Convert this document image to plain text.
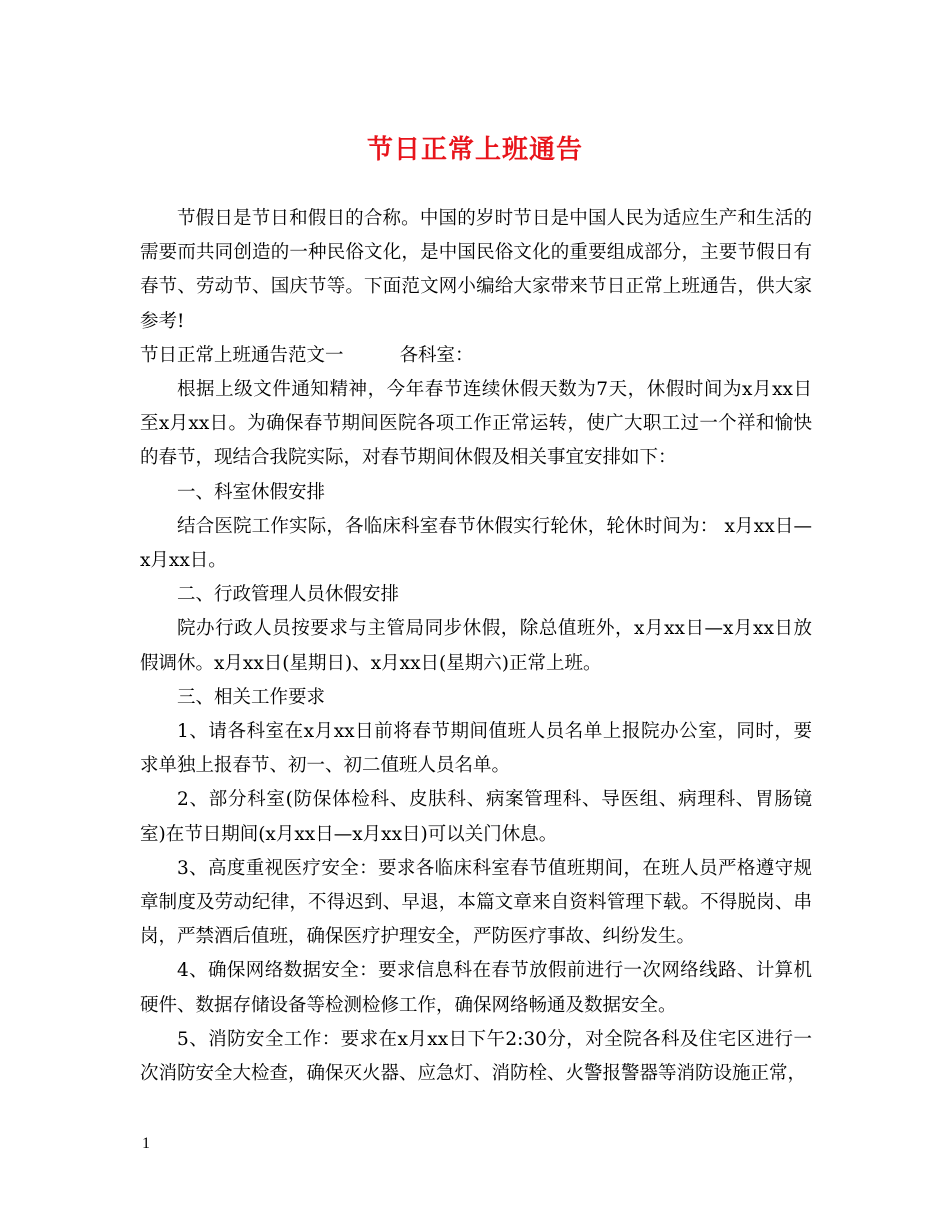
节日正常上班通告

节假日是节日和假日的合称。中国的岁时节日是中国人民为适应生产和生活的需要而共同创造的一种民俗文化，是中国民俗文化的重要组成部分，主要节假日有春节、劳动节、国庆节等。下面范文网小编给大家带来节日正常上班通告，供大家参考!

节日正常上班通告范文一	各科室：

根据上级文件通知精神，今年春节连续休假天数为7天，休假时间为x月xx日至x月xx日。为确保春节期间医院各项工作正常运转，使广大职工过一个祥和愉快的春节，现结合我院实际，对春节期间休假及相关事宜安排如下：

一、科室休假安排

结合医院工作实际，各临床科室春节休假实行轮休，轮休时间为： x月xx日—x月xx日。

二、行政管理人员休假安排

院办行政人员按要求与主管局同步休假，除总值班外，x月xx日—x月xx日放假调休。x月xx日(星期日)、x月xx日(星期六)正常上班。

三、相关工作要求

1、请各科室在x月xx日前将春节期间值班人员名单上报院办公室，同时，要求单独上报春节、初一、初二值班人员名单。

2、部分科室(防保体检科、皮肤科、病案管理科、导医组、病理科、胃肠镜室)在节日期间(x月xx日—x月xx日)可以关门休息。

3、高度重视医疗安全：要求各临床科室春节值班期间，在班人员严格遵守规章制度及劳动纪律，不得迟到、早退，本篇文章来自资料管理下载。不得脱岗、串岗，严禁酒后值班，确保医疗护理安全，严防医疗事故、纠纷发生。

4、确保网络数据安全：要求信息科在春节放假前进行一次网络线路、计算机硬件、数据存储设备等检测检修工作，确保网络畅通及数据安全。

5、消防安全工作：要求在x月xx日下午2:30分，对全院各科及住宅区进行一次消防安全大检查，确保灭火器、应急灯、消防栓、火警报警器等消防设施正常，

1
